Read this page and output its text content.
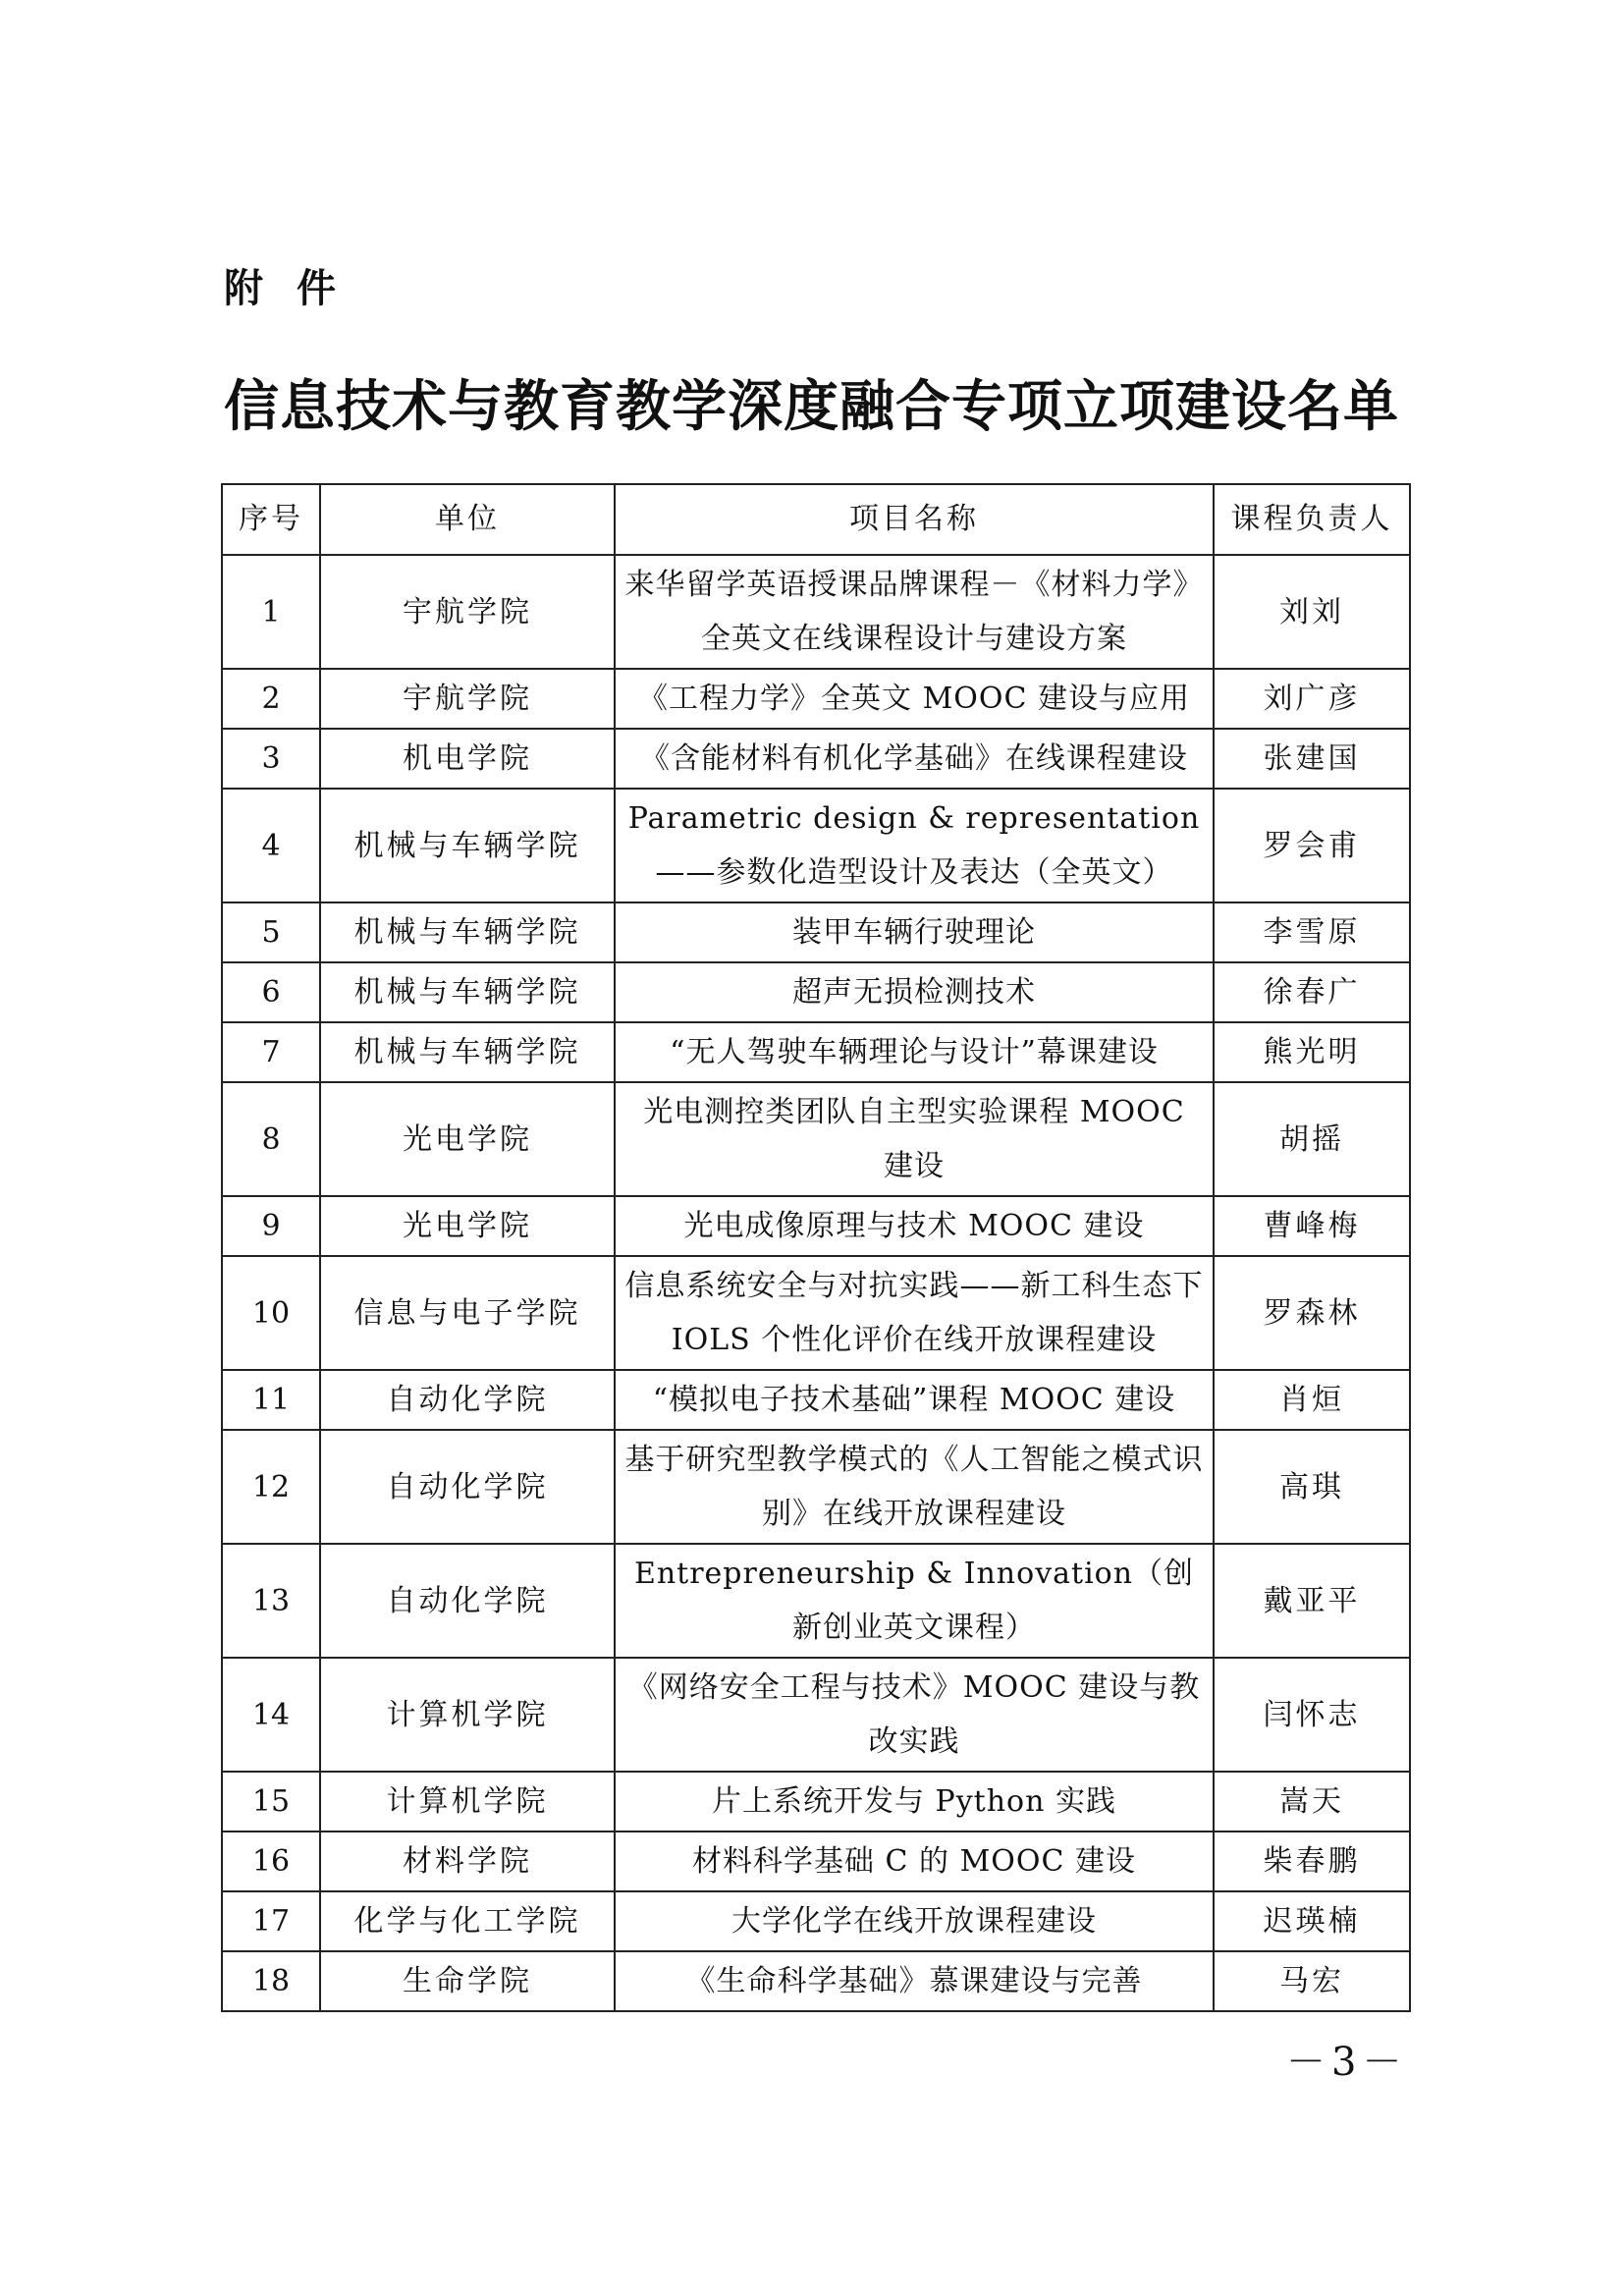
附件
信息技术与教育教学深度融合专项立项建设名单
序号	单位	项目名称	课程负责人
1	宇航学院	来华留学英语授课品牌课程－《材料力学》全英文在线课程设计与建设方案	刘刘
2	宇航学院	《工程力学》全英文 MOOC 建设与应用	刘广彦
3	机电学院	《含能材料有机化学基础》在线课程建设	张建国
4	机械与车辆学院	Parametric design & representation——参数化造型设计及表达（全英文）	罗会甫
5	机械与车辆学院	装甲车辆行驶理论	李雪原
6	机械与车辆学院	超声无损检测技术	徐春广
7	机械与车辆学院	“无人驾驶车辆理论与设计”幕课建设	熊光明
8	光电学院	光电测控类团队自主型实验课程 MOOC 建设	胡摇
9	光电学院	光电成像原理与技术 MOOC 建设	曹峰梅
10	信息与电子学院	信息系统安全与对抗实践——新工科生态下 IOLS 个性化评价在线开放课程建设	罗森林
11	自动化学院	“模拟电子技术基础”课程 MOOC 建设	肖烜
12	自动化学院	基于研究型教学模式的《人工智能之模式识别》在线开放课程建设	高琪
13	自动化学院	Entrepreneurship & Innovation（创新创业英文课程）	戴亚平
14	计算机学院	《网络安全工程与技术》MOOC 建设与教改实践	闫怀志
15	计算机学院	片上系统开发与 Python 实践	嵩天
16	材料学院	材料科学基础 C 的 MOOC 建设	柴春鹏
17	化学与化工学院	大学化学在线开放课程建设	迟瑛楠
18	生命学院	《生命科学基础》慕课建设与完善	马宏
－3－
